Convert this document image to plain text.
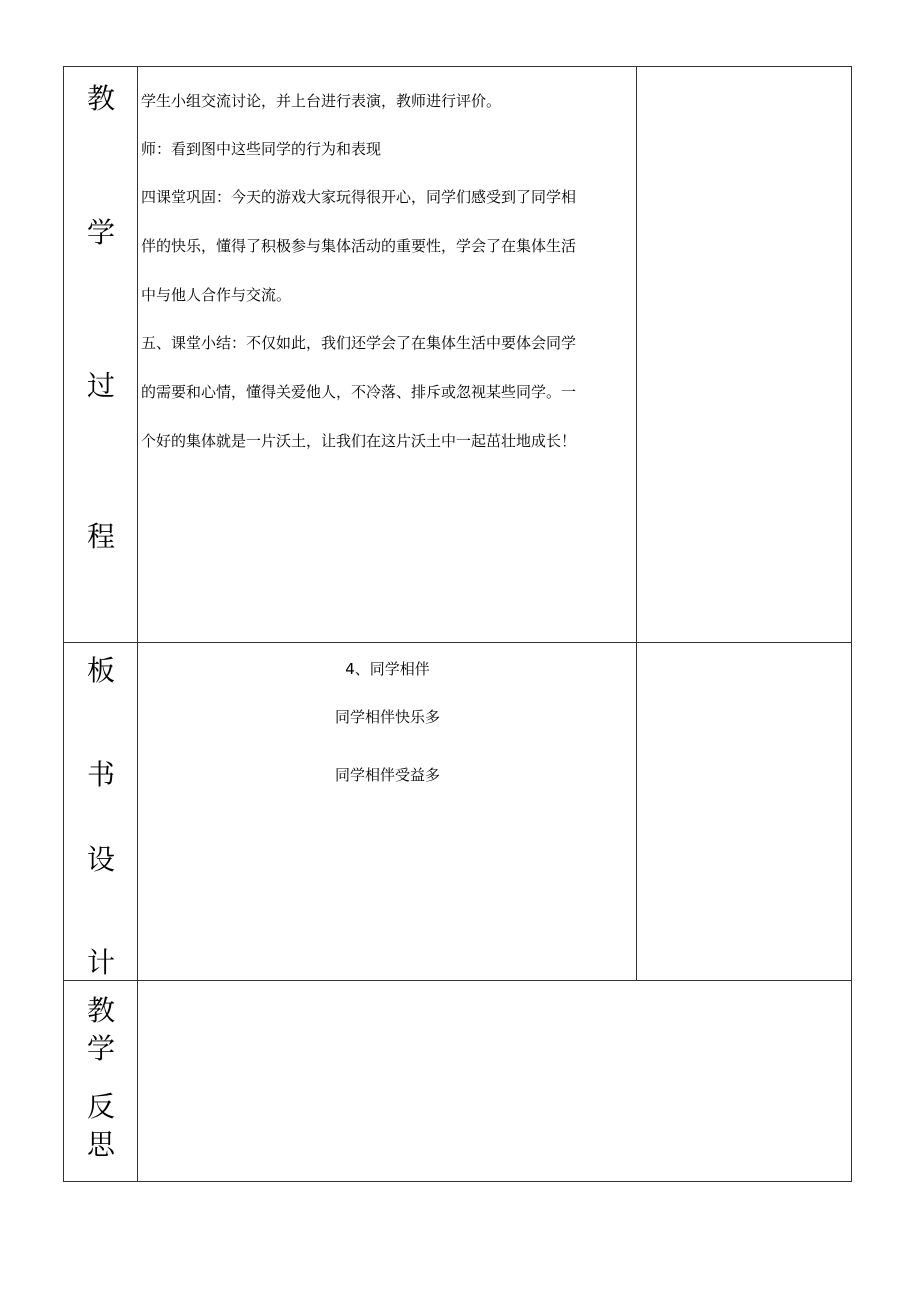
教
学
过
程
学生小组交流讨论，并上台进行表演，教师进行评价。
师：看到图中这些同学的行为和表现
四课堂巩固：今天的游戏大家玩得很开心，同学们感受到了同学相
伴的快乐，懂得了积极参与集体活动的重要性，学会了在集体生活
中与他人合作与交流。
五、课堂小结：不仅如此，我们还学会了在集体生活中要体会同学
的需要和心情，懂得关爱他人，不冷落、排斥或忽视某些同学。一
个好的集体就是一片沃土，让我们在这片沃土中一起茁壮地成长！
板
书
设
计
4、同学相伴
同学相伴快乐多
同学相伴受益多
教
学
反
思
